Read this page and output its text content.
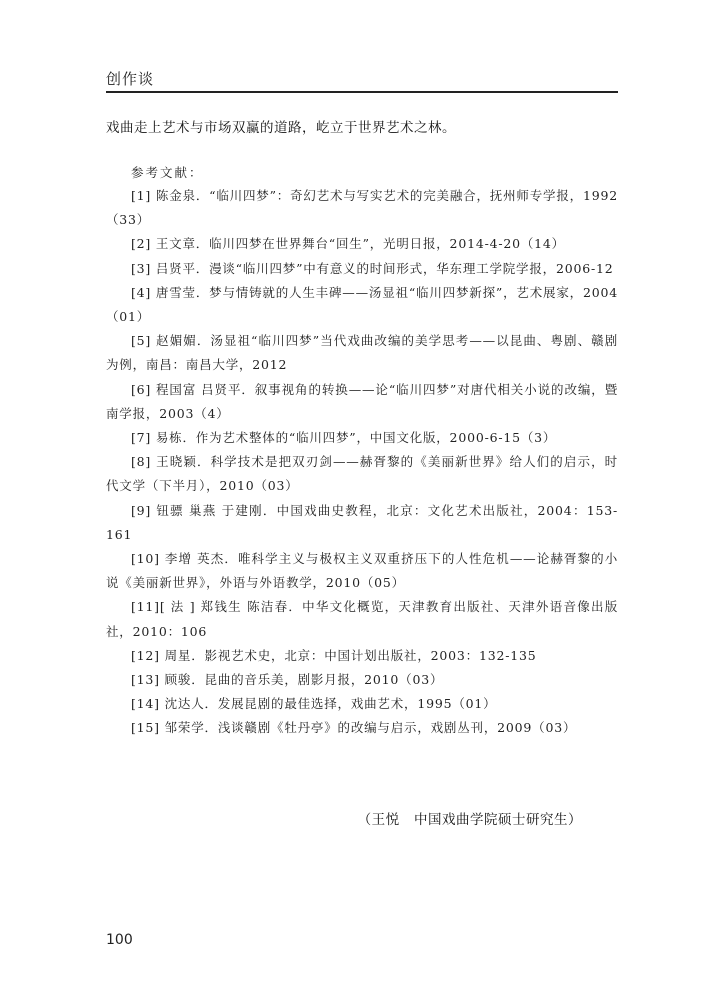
创作谈
戏曲走上艺术与市场双赢的道路，屹立于世界艺术之林。
参考文献：

[1] 陈金泉．“临川四梦”：奇幻艺术与写实艺术的完美融合，抚州师专学报，1992（33）

[2] 王文章．临川四梦在世界舞台“回生”，光明日报，2014-4-20（14）

[3] 吕贤平．漫谈“临川四梦”中有意义的时间形式，华东理工学院学报，2006-12

[4] 唐雪莹．梦与情铸就的人生丰碑——汤显祖“临川四梦新探”，艺术展家，2004（01）

[5] 赵媚媚．汤显祖“临川四梦”当代戏曲改编的美学思考——以昆曲、粤剧、赣剧为例，南昌：南昌大学，2012

[6] 程国富 吕贤平．叙事视角的转换——论“临川四梦”对唐代相关小说的改编，暨南学报，2003（4）

[7] 易栋．作为艺术整体的“临川四梦”，中国文化版，2000-6-15（3）

[8] 王晓颖．科学技术是把双刃剑——赫胥黎的《美丽新世界》给人们的启示，时代文学（下半月），2010（03）

[9] 钮骠 巢燕 于建刚．中国戏曲史教程，北京：文化艺术出版社，2004：153-161

[10] 李增 英杰．唯科学主义与极权主义双重挤压下的人性危机——论赫胥黎的小说《美丽新世界》，外语与外语教学，2010（05）

[11][ 法 ] 郑钱生 陈洁春．中华文化概览，天津教育出版社、天津外语音像出版社，2010：106

[12] 周星．影视艺术史，北京：中国计划出版社，2003：132-135

[13] 顾骏．昆曲的音乐美，剧影月报，2010（03）

[14] 沈达人．发展昆剧的最佳选择，戏曲艺术，1995（01）

[15] 邹荣学．浅谈赣剧《牡丹亭》的改编与启示，戏剧丛刊，2009（03）

（王悦   中国戏曲学院硕士研究生）
100
